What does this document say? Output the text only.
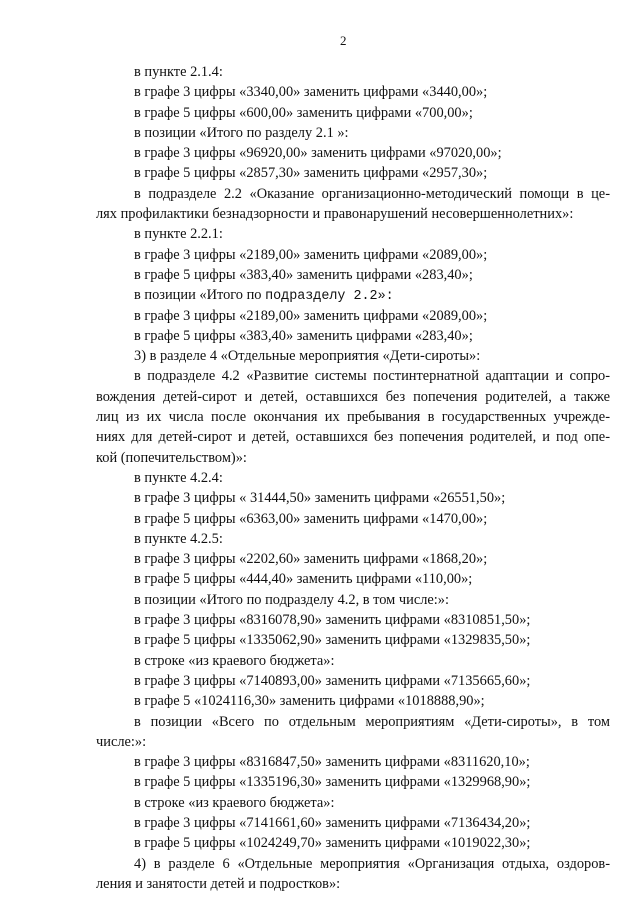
2
в пункте 2.1.4:
в графе 3 цифры «3340,00» заменить цифрами «3440,00»;
в графе 5 цифры «600,00» заменить цифрами «700,00»;
в позиции «Итого по разделу 2.1 »:
в графе 3 цифры «96920,00» заменить цифрами «97020,00»;
в графе 5 цифры «2857,30» заменить цифрами «2957,30»;
в подразделе 2.2 «Оказание организационно-методический помощи в це-
лях профилактики безнадзорности и правонарушений несовершеннолетних»:
в пункте 2.2.1:
в графе 3 цифры «2189,00» заменить цифрами «2089,00»;
в графе 5 цифры «383,40» заменить цифрами «283,40»;
в позиции «Итого по подразделу 2.2»:
в графе 3 цифры «2189,00» заменить цифрами «2089,00»;
в графе 5 цифры «383,40» заменить цифрами «283,40»;
3) в разделе 4 «Отдельные мероприятия «Дети-сироты»:
в подразделе 4.2 «Развитие системы постинтернатной адаптации и сопро-
вождения детей-сирот и детей, оставшихся без попечения родителей, а также
лиц из их числа после окончания их пребывания в государственных учрежде-
ниях для детей-сирот и детей, оставшихся без попечения родителей, и под опе-
кой (попечительством)»:
в пункте 4.2.4:
в графе 3 цифры « 31444,50» заменить цифрами «26551,50»;
в графе 5 цифры «6363,00» заменить цифрами «1470,00»;
в пункте 4.2.5:
в графе 3 цифры «2202,60» заменить цифрами «1868,20»;
в графе 5 цифры «444,40» заменить цифрами «110,00»;
в позиции «Итого по подразделу 4.2, в том числе:»:
в графе 3 цифры «8316078,90» заменить цифрами «8310851,50»;
в графе 5 цифры «1335062,90» заменить цифрами «1329835,50»;
в строке «из краевого бюджета»:
в графе 3 цифры «7140893,00» заменить цифрами «7135665,60»;
в графе 5 «1024116,30» заменить цифрами «1018888,90»;
в позиции «Всего по отдельным мероприятиям «Дети-сироты», в том
числе:»:
в графе 3 цифры «8316847,50» заменить цифрами «8311620,10»;
в графе 5 цифры «1335196,30» заменить цифрами «1329968,90»;
в строке «из краевого бюджета»:
в графе 3 цифры «7141661,60» заменить цифрами «7136434,20»;
в графе 5 цифры «1024249,70» заменить цифрами «1019022,30»;
4) в разделе 6 «Отдельные мероприятия «Организация отдыха, оздоров-
ления и занятости детей и подростков»:
